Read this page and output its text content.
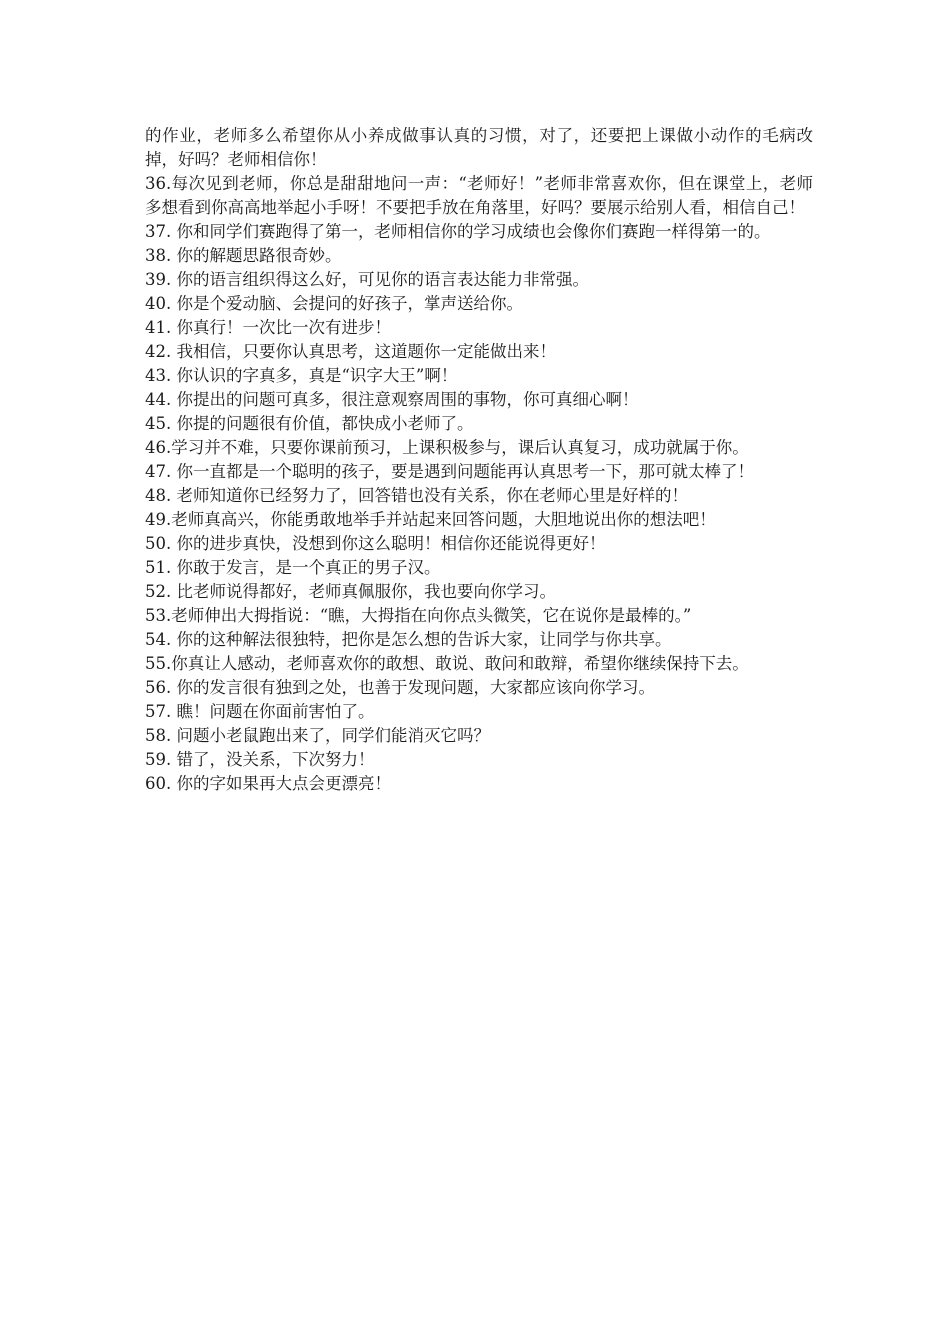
的作业，老师多么希望你从小养成做事认真的习惯，对了，还要把上课做小动作的毛病改掉，好吗？老师相信你！

36.每次见到老师，你总是甜甜地问一声：“老师好！”老师非常喜欢你，但在课堂上，老师多想看到你高高地举起小手呀！不要把手放在角落里，好吗？要展示给别人看，相信自己！

37. 你和同学们赛跑得了第一，老师相信你的学习成绩也会像你们赛跑一样得第一的。

38. 你的解题思路很奇妙。

39. 你的语言组织得这么好，可见你的语言表达能力非常强。

40. 你是个爱动脑、会提问的好孩子，掌声送给你。

41. 你真行！一次比一次有进步！

42. 我相信，只要你认真思考，这道题你一定能做出来！

43. 你认识的字真多，真是“识字大王”啊！

44. 你提出的问题可真多，很注意观察周围的事物，你可真细心啊！

45. 你提的问题很有价值，都快成小老师了。

46.学习并不难，只要你课前预习，上课积极参与，课后认真复习，成功就属于你。

47. 你一直都是一个聪明的孩子，要是遇到问题能再认真思考一下，那可就太棒了！

48. 老师知道你已经努力了，回答错也没有关系，你在老师心里是好样的！

49.老师真高兴，你能勇敢地举手并站起来回答问题，大胆地说出你的想法吧！

50. 你的进步真快，没想到你这么聪明！相信你还能说得更好！

51. 你敢于发言，是一个真正的男子汉。

52. 比老师说得都好，老师真佩服你，我也要向你学习。

53.老师伸出大拇指说：“瞧，大拇指在向你点头微笑，它在说你是最棒的。”

54. 你的这种解法很独特，把你是怎么想的告诉大家，让同学与你共享。

55.你真让人感动，老师喜欢你的敢想、敢说、敢问和敢辩，希望你继续保持下去。

56. 你的发言很有独到之处，也善于发现问题，大家都应该向你学习。

57. 瞧！问题在你面前害怕了。

58. 问题小老鼠跑出来了，同学们能消灭它吗？

59. 错了，没关系，下次努力！

60. 你的字如果再大点会更漂亮！
